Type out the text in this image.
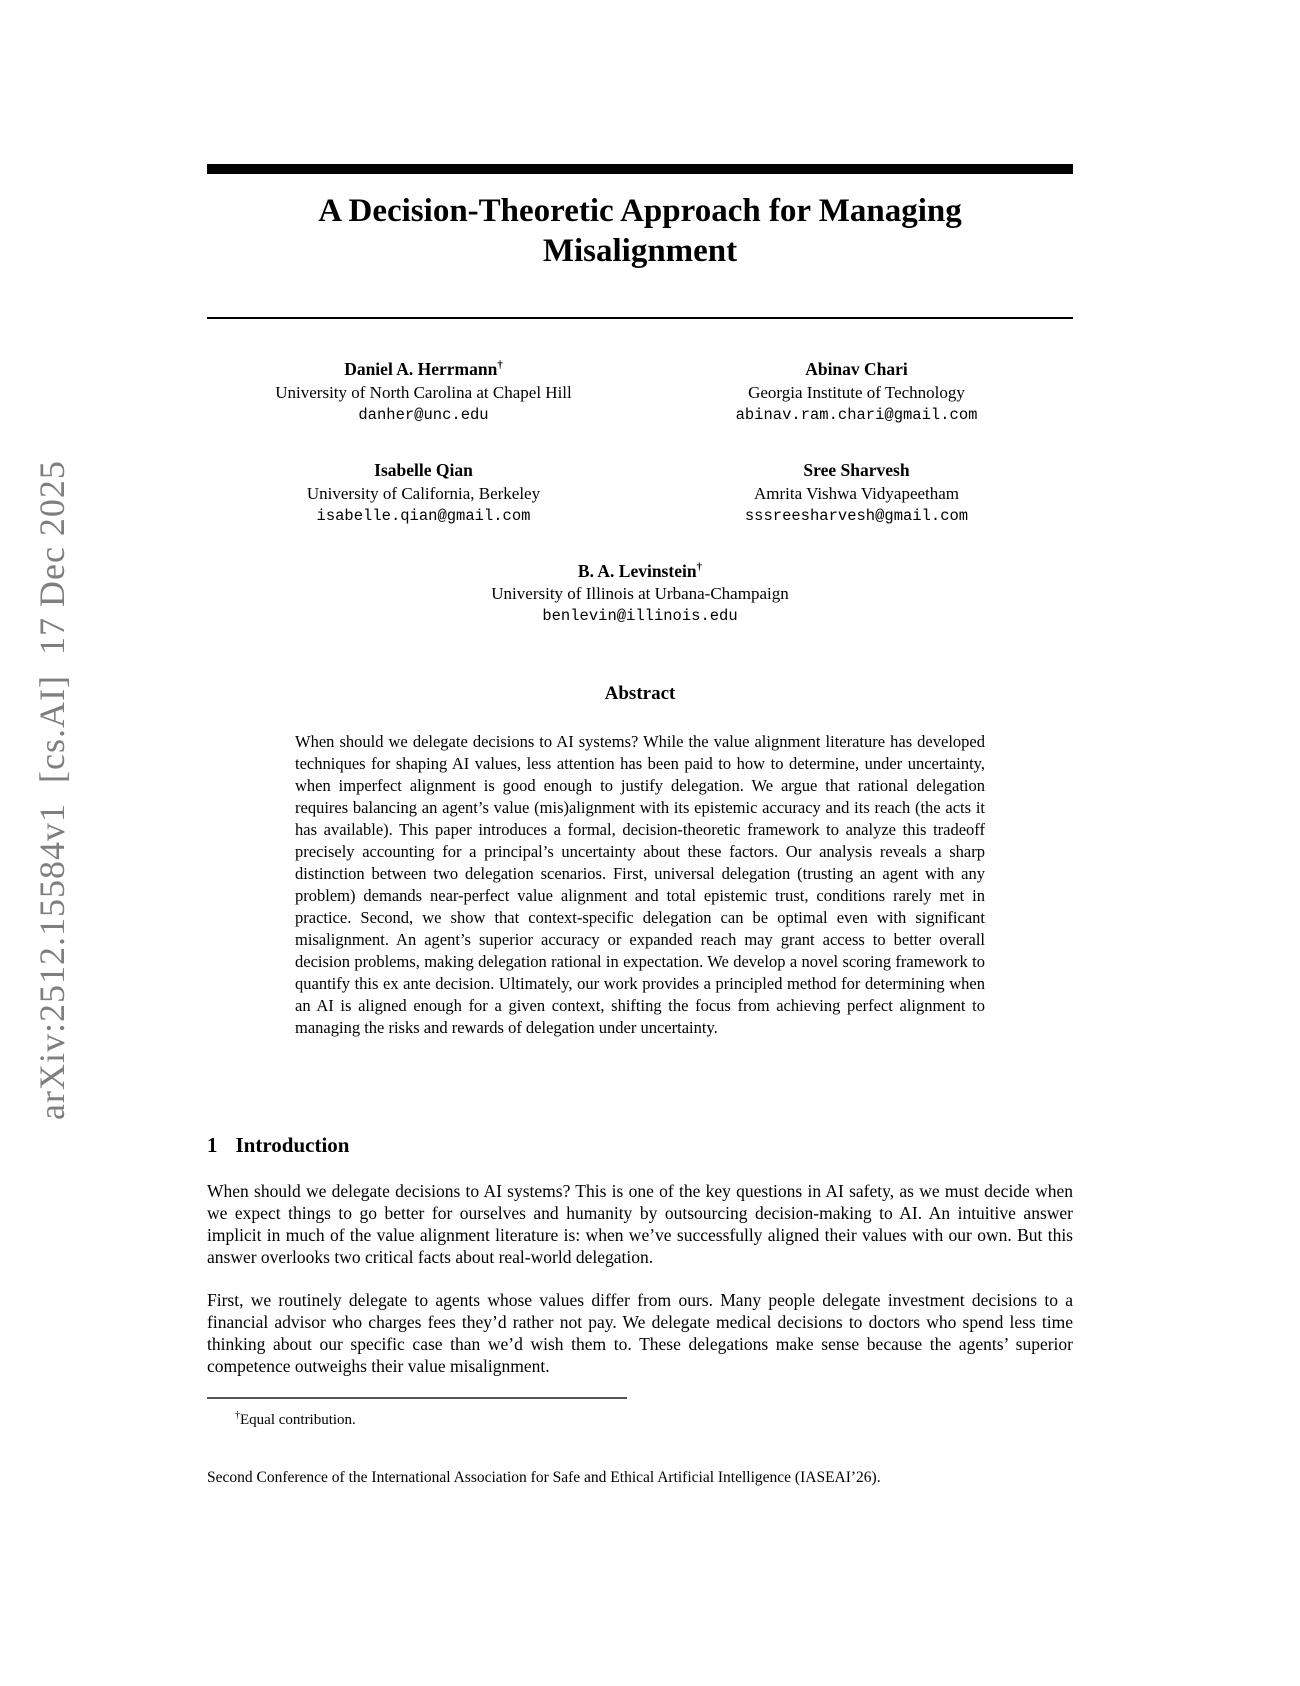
arXiv:2512.15584v1  [cs.AI]  17 Dec 2025
A Decision-Theoretic Approach for Managing Misalignment
Daniel A. Herrmann†
University of North Carolina at Chapel Hill
danher@unc.edu
Abinav Chari
Georgia Institute of Technology
abinav.ram.chari@gmail.com
Isabelle Qian
University of California, Berkeley
isabelle.qian@gmail.com
Sree Sharvesh
Amrita Vishwa Vidyapeetham
sssreesharvesh@gmail.com
B. A. Levinstein†
University of Illinois at Urbana-Champaign
benlevin@illinois.edu
Abstract

When should we delegate decisions to AI systems? While the value alignment literature has developed techniques for shaping AI values, less attention has been paid to how to determine, under uncertainty, when imperfect alignment is good enough to justify delegation. We argue that rational delegation requires balancing an agent’s value (mis)alignment with its epistemic accuracy and its reach (the acts it has available). This paper introduces a formal, decision-theoretic framework to analyze this tradeoff precisely accounting for a principal’s uncertainty about these factors. Our analysis reveals a sharp distinction between two delegation scenarios. First, universal delegation (trusting an agent with any problem) demands near-perfect value alignment and total epistemic trust, conditions rarely met in practice. Second, we show that context-specific delegation can be optimal even with significant misalignment. An agent’s superior accuracy or expanded reach may grant access to better overall decision problems, making delegation rational in expectation. We develop a novel scoring framework to quantify this ex ante decision. Ultimately, our work provides a principled method for determining when an AI is aligned enough for a given context, shifting the focus from achieving perfect alignment to managing the risks and rewards of delegation under uncertainty.

1 Introduction

When should we delegate decisions to AI systems? This is one of the key questions in AI safety, as we must decide when we expect things to go better for ourselves and humanity by outsourcing decision-making to AI. An intuitive answer implicit in much of the value alignment literature is: when we’ve successfully aligned their values with our own. But this answer overlooks two critical facts about real-world delegation.

First, we routinely delegate to agents whose values differ from ours. Many people delegate investment decisions to a financial advisor who charges fees they’d rather not pay. We delegate medical decisions to doctors who spend less time thinking about our specific case than we’d wish them to. These delegations make sense because the agents’ superior competence outweighs their value misalignment.

†Equal contribution.

Second Conference of the International Association for Safe and Ethical Artificial Intelligence (IASEAI’26).
